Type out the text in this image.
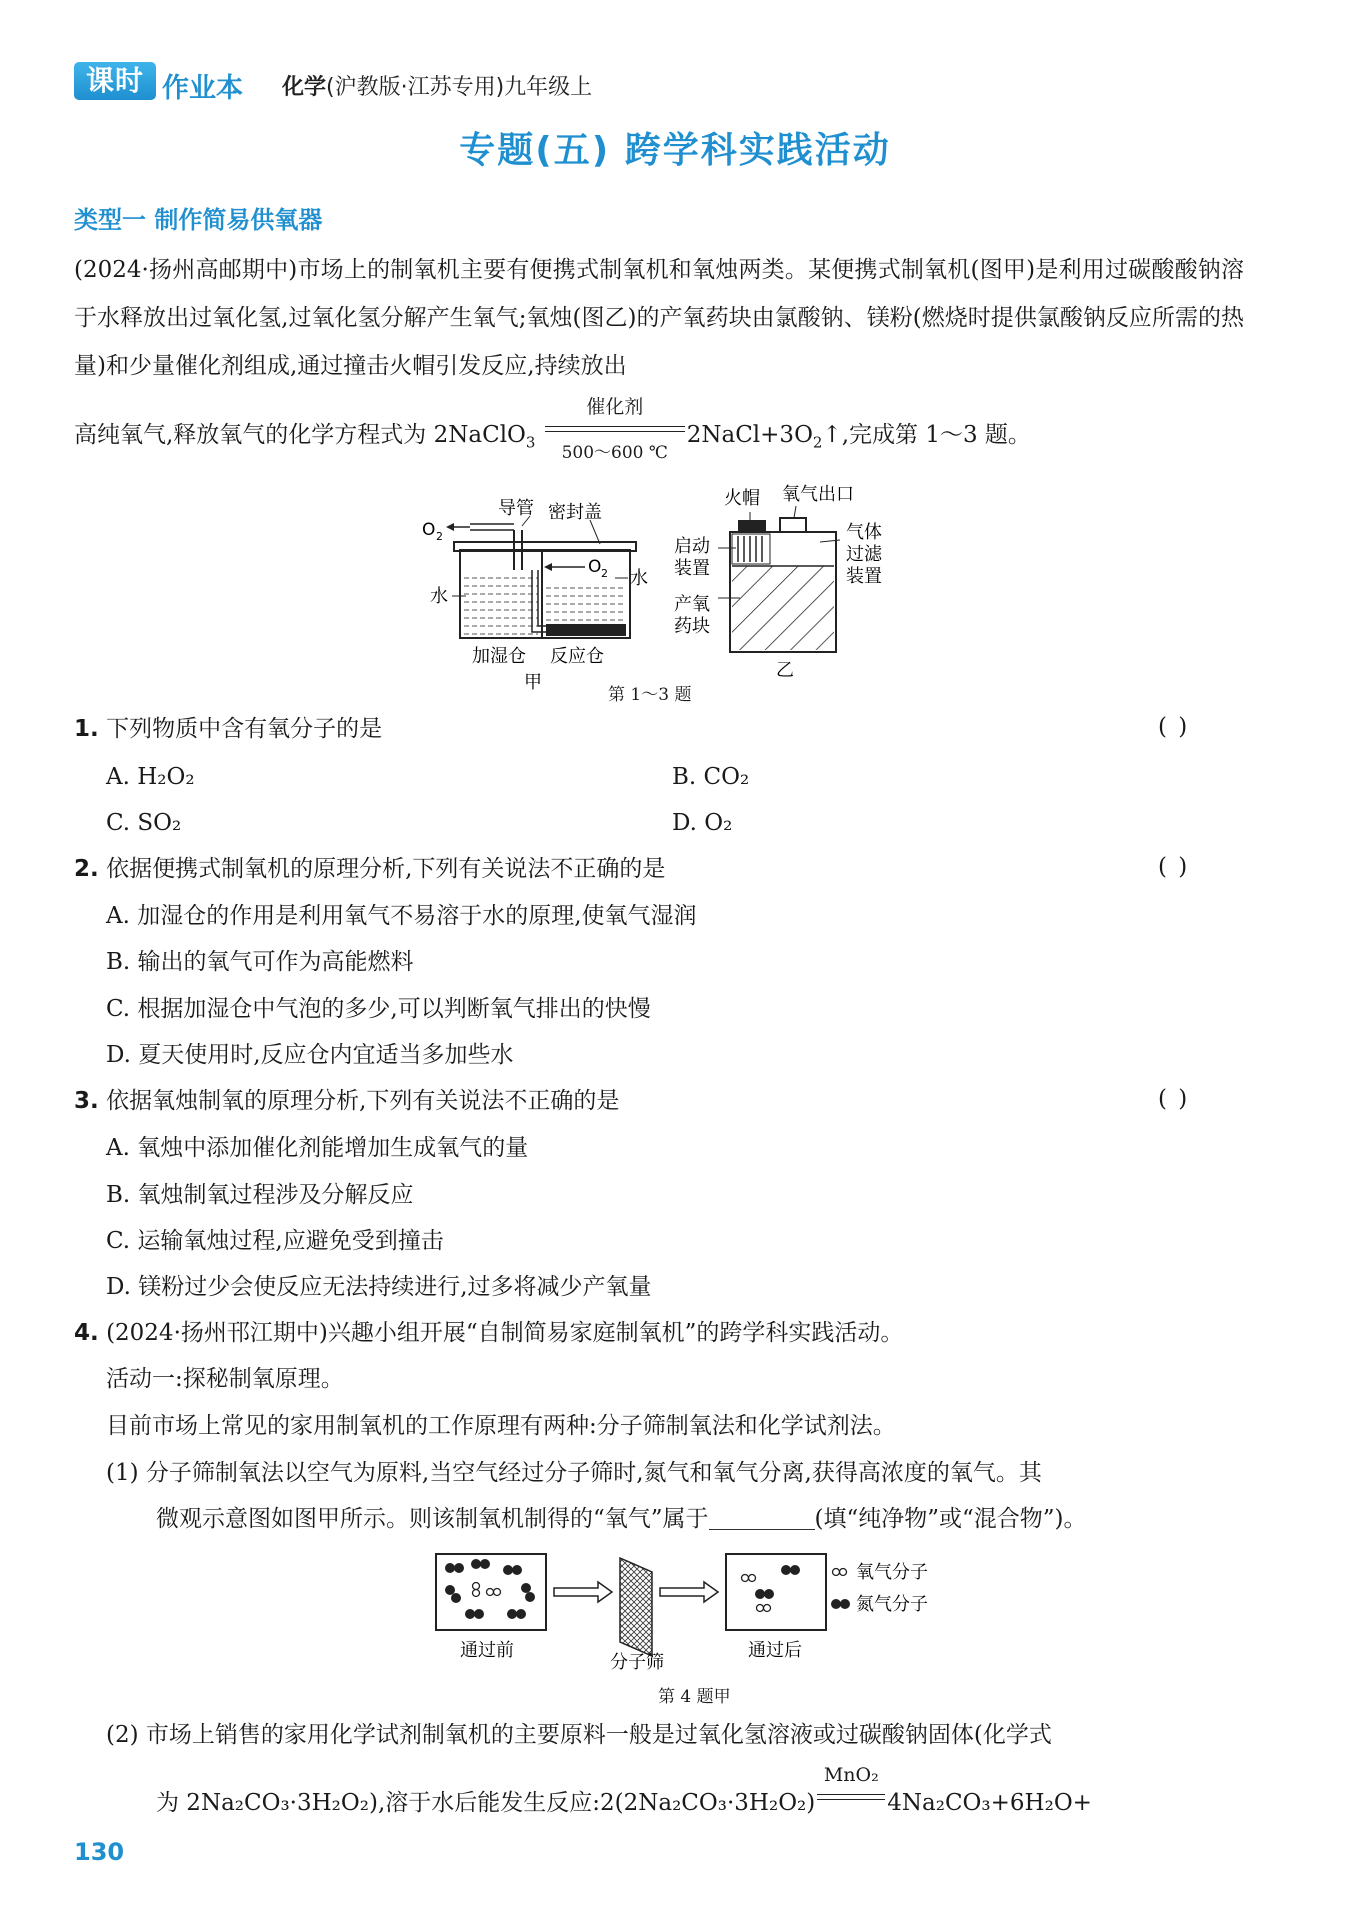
课时 作业本 化学(沪教版·江苏专用)九年级上
专题(五) 跨学科实践活动
类型一 制作简易供氧器
(2024·扬州高邮期中)市场上的制氧机主要有便携式制氧机和氧烛两类。某便携式制氧机(图甲)是利用过碳酸酸钠溶于水释放出过氧化氢,过氧化氢分解产生氧气;氧烛(图乙)的产氧药块由氯酸钠、镁粉(燃烧时提供氯酸钠反应所需的热量)和少量催化剂组成,通过撞击火帽引发反应,持续放出
高纯氧气,释放氧气的化学方程式为 2NaClO$_3$
催化剂
500～600 ℃
$2NaCl+3O_2↑$,完成第 1～3 题。
O 2
O 2
导管 密封盖
水
水
加湿仓 反应仓
甲
火帽 氧气出口
启动
装置
气体
过滤
装置
产氧
药块
乙
第 1～3 题
1. 下列物质中含有氧分子的是	( )
A. H₂O₂	B. CO₂
C. SO₂	D. O₂
2. 依据便携式制氧机的原理分析,下列有关说法不正确的是	( )
A. 加湿仓的作用是利用氧气不易溶于水的原理,使氧气湿润
B. 输出的氧气可作为高能燃料
C. 根据加湿仓中气泡的多少,可以判断氧气排出的快慢
D. 夏天使用时,反应仓内宜适当多加些水
3. 依据氧烛制氧的原理分析,下列有关说法不正确的是	( )
A. 氧烛中添加催化剂能增加生成氧气的量
B. 氧烛制氧过程涉及分解反应
C. 运输氧烛过程,应避免受到撞击
D. 镁粉过少会使反应无法持续进行,过多将减少产氧量
4. (2024·扬州邗江期中)兴趣小组开展“自制简易家庭制氧机”的跨学科实践活动。
活动一:探秘制氧原理。
目前市场上常见的家用制氧机的工作原理有两种:分子筛制氧法和化学试剂法。
(1) 分子筛制氧法以空气为原料,当空气经过分子筛时,氮气和氧气分离,获得高浓度的氧气。其
微观示意图如图甲所示。则该制氧机制得的“氧气”属于	(填“纯净物”或“混合物”)。
氧气分子
氮气分子
通过前
分子筛
通过后
第 4 题甲
(2) 市场上销售的家用化学试剂制氧机的主要原料一般是过氧化氢溶液或过碳酸钠固体(化学式
为 2Na₂CO₃·3H₂O₂),溶于水后能发生反应:2(2Na₂CO₃·3H₂O₂)
MnO₂
4Na₂CO₃+6H₂O+
130
